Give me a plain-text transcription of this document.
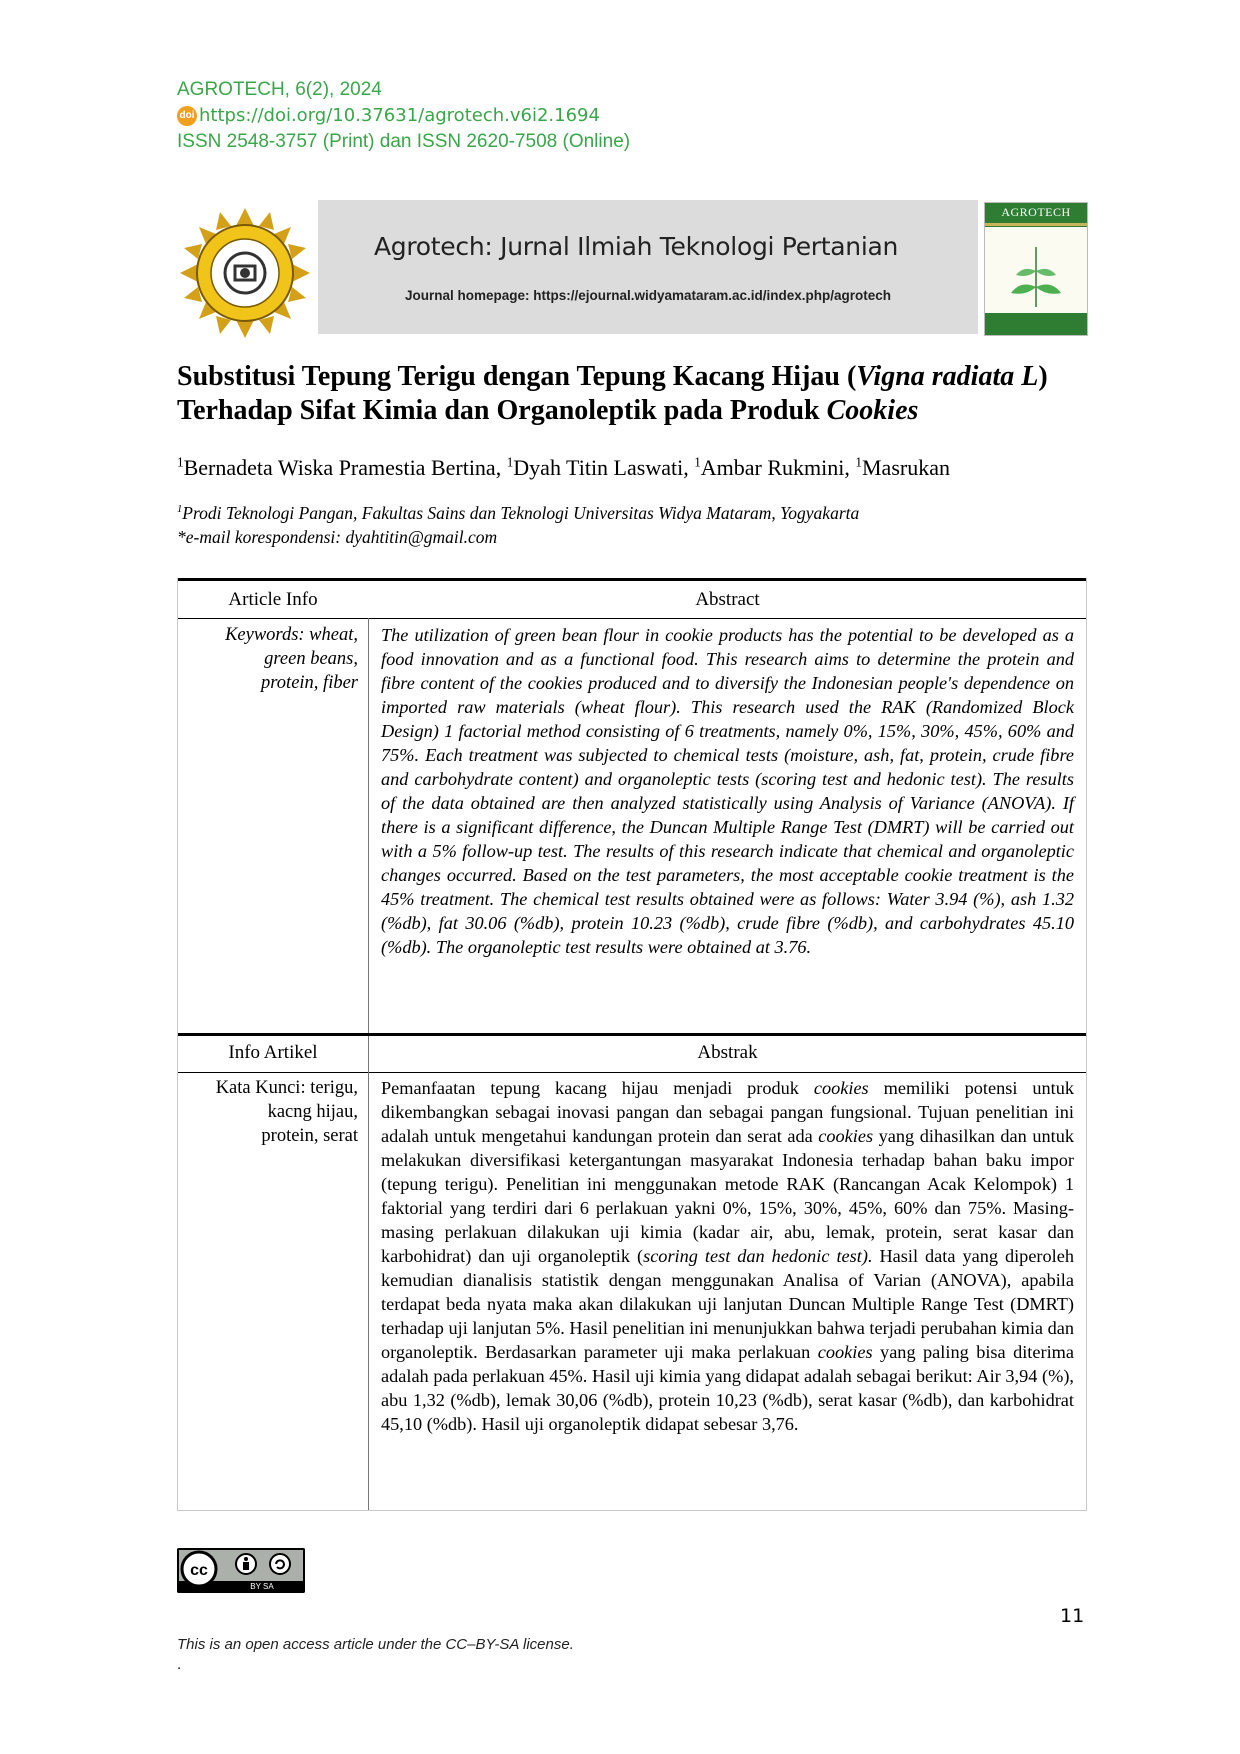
AGROTECH, 6(2), 2024
doi https://doi.org/10.37631/agrotech.v6i2.1694
ISSN 2548-3757 (Print) dan ISSN 2620-7508 (Online)
Agrotech: Jurnal Ilmiah Teknologi Pertanian
Journal homepage: https://ejournal.widyamataram.ac.id/index.php/agrotech
AGROTECH
Substitusi Tepung Terigu dengan Tepung Kacang Hijau (Vigna radiata L) Terhadap Sifat Kimia dan Organoleptik pada Produk Cookies
$^1$Bernadeta Wiska Pramestia Bertina, $^1$Dyah Titin Laswati, $^1$Ambar Rukmini, $^1$Masrukan
$^1$Prodi Teknologi Pangan, Fakultas Sains dan Teknologi Universitas Widya Mataram, Yogyakarta
*e-mail korespondensi: dyahtitin@gmail.com
Article Info	Abstract
Keywords: wheat,
green beans,
protein, fiber
The utilization of green bean flour in cookie products has the potential to be developed as a food innovation and as a functional food. This research aims to determine the protein and fibre content of the cookies produced and to diversify the Indonesian people's dependence on imported raw materials (wheat flour). This research used the RAK (Randomized Block Design) 1 factorial method consisting of 6 treatments, namely 0%, 15%, 30%, 45%, 60% and 75%. Each treatment was subjected to chemical tests (moisture, ash, fat, protein, crude fibre and carbohydrate content) and organoleptic tests (scoring test and hedonic test). The results of the data obtained are then analyzed statistically using Analysis of Variance (ANOVA). If there is a significant difference, the Duncan Multiple Range Test (DMRT) will be carried out with a 5% follow-up test. The results of this research indicate that chemical and organoleptic changes occurred. Based on the test parameters, the most acceptable cookie treatment is the 45% treatment. The chemical test results obtained were as follows: Water 3.94 (%), ash 1.32 (%db), fat 30.06 (%db), protein 10.23 (%db), crude fibre (%db), and carbohydrates 45.10 (%db). The organoleptic test results were obtained at 3.76.
Info Artikel	Abstrak
Kata Kunci: terigu,
kacng hijau,
protein, serat
Pemanfaatan tepung kacang hijau menjadi produk cookies memiliki potensi untuk dikembangkan sebagai inovasi pangan dan sebagai pangan fungsional. Tujuan penelitian ini adalah untuk mengetahui kandungan protein dan serat ada cookies yang dihasilkan dan untuk melakukan diversifikasi ketergantungan masyarakat Indonesia terhadap bahan baku impor (tepung terigu). Penelitian ini menggunakan metode RAK (Rancangan Acak Kelompok) 1 faktorial yang terdiri dari 6 perlakuan yakni 0%, 15%, 30%, 45%, 60% dan 75%. Masing-masing perlakuan dilakukan uji kimia (kadar air, abu, lemak, protein, serat kasar dan karbohidrat) dan uji organoleptik (scoring test dan hedonic test). Hasil data yang diperoleh kemudian dianalisis statistik dengan menggunakan Analisa of Varian (ANOVA), apabila terdapat beda nyata maka akan dilakukan uji lanjutan Duncan Multiple Range Test (DMRT) terhadap uji lanjutan 5%. Hasil penelitian ini menunjukkan bahwa terjadi perubahan kimia dan organoleptik. Berdasarkan parameter uji maka perlakuan cookies yang paling bisa diterima adalah pada perlakuan 45%. Hasil uji kimia yang didapat adalah sebagai berikut: Air 3,94 (%), abu 1,32 (%db), lemak 30,06 (%db), protein 10,23 (%db), serat kasar (%db), dan karbohidrat 45,10 (%db). Hasil uji organoleptik didapat sebesar 3,76.
cc
BY SA
11
This is an open access article under the CC–BY-SA license.
.
